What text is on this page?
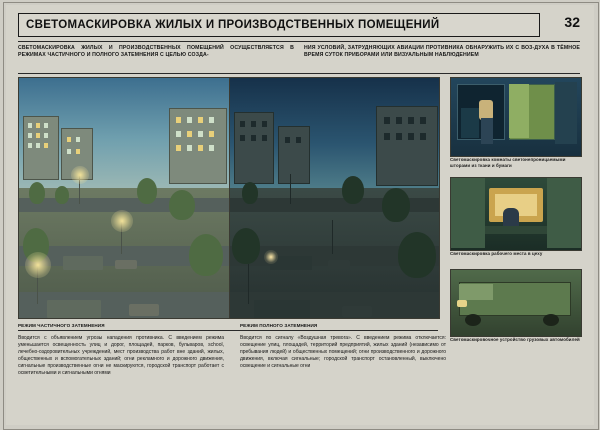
СВЕТОМАСКИРОВКА ЖИЛЫХ И ПРОИЗВОДСТВЕННЫХ ПОМЕЩЕНИЙ	32
СВЕТОМАСКИРОВКА ЖИЛЫХ И ПРОИЗВОДСТВЕННЫХ ПОМЕЩЕНИЙ ОСУЩЕСТВЛЯЕТСЯ В РЕЖИМАХ ЧАСТИЧНОГО И ПОЛНОГО ЗАТЕМНЕНИЯ С ЦЕЛЬЮ СОЗДА-
НИЯ УСЛОВИЙ, ЗАТРУДНЯЮЩИХ АВИАЦИИ ПРОТИВНИКА ОБНАРУЖИТЬ ИХ С ВОЗ-ДУХА В ТЁМНОЕ ВРЕМЯ СУТОК ПРИБОРАМИ ИЛИ ВИЗУАЛЬНЫМ НАБЛЮДЕНИЕМ
Светомаскировка комнаты светонепроницаемыми шторами из ткани и бумаги
Светомаскировка рабочего места в цеху
Светомаскировочное устройство грузовых автомобилей
РЕЖИМ ЧАСТИЧНОГО ЗАТЕМНЕНИЯ	РЕЖИМ ПОЛНОГО ЗАТЕМНЕНИЯ
Вводится с объявлением угрозы нападения противника. С введением режима уменьшается освещенность улиц и дорог, площадей, парков, бульваров, school, лечебно-оздоровительных учреждений, мест производства работ вне зданий, жилых, общественных и вспомогательных зданий; огни рекламного и дорожного движения, сигнальные производственные огни не маскируются, городской транспорт работает с осветительными и сигнальными огнями
Вводится по сигналу «Воздушная тревога». С введением режима отключается: освещение улиц, площадей, территорий предприятий, жилых зданий (независимо от пребывания людей) и общественных помещений; огни производственного и дорожного движения, включая сигнальные; городской транспорт остановленный, выключено освещение и сигнальные огни
